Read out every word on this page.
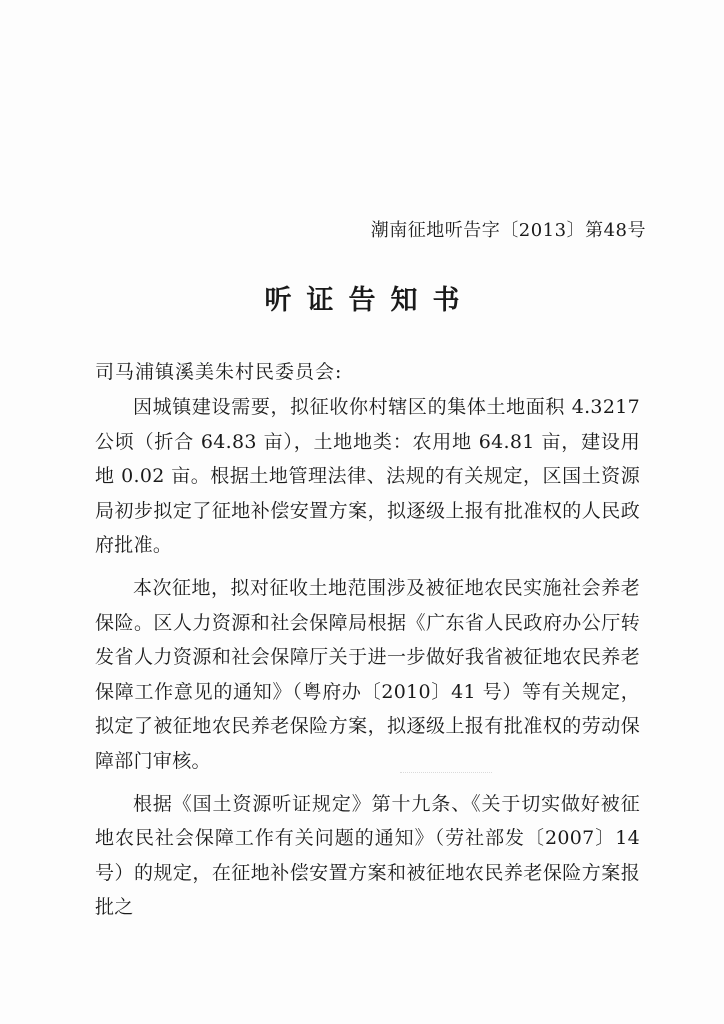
潮南征地听告字〔2013〕第48号
听证告知书
司马浦镇溪美朱村民委员会:

因城镇建设需要，拟征收你村辖区的集体土地面积 4.3217 公顷（折合 64.83 亩），土地地类：农用地 64.81 亩，建设用地 0.02 亩。根据土地管理法律、法规的有关规定，区国土资源局初步拟定了征地补偿安置方案，拟逐级上报有批准权的人民政府批准。

本次征地，拟对征收土地范围涉及被征地农民实施社会养老保险。区人力资源和社会保障局根据《广东省人民政府办公厅转发省人力资源和社会保障厅关于进一步做好我省被征地农民养老保障工作意见的通知》（粤府办〔2010〕41 号）等有关规定，拟定了被征地农民养老保险方案，拟逐级上报有批准权的劳动保障部门审核。

根据《国土资源听证规定》第十九条、《关于切实做好被征地农民社会保障工作有关问题的通知》（劳社部发〔2007〕14 号）的规定，在征地补偿安置方案和被征地农民养老保险方案报批之
